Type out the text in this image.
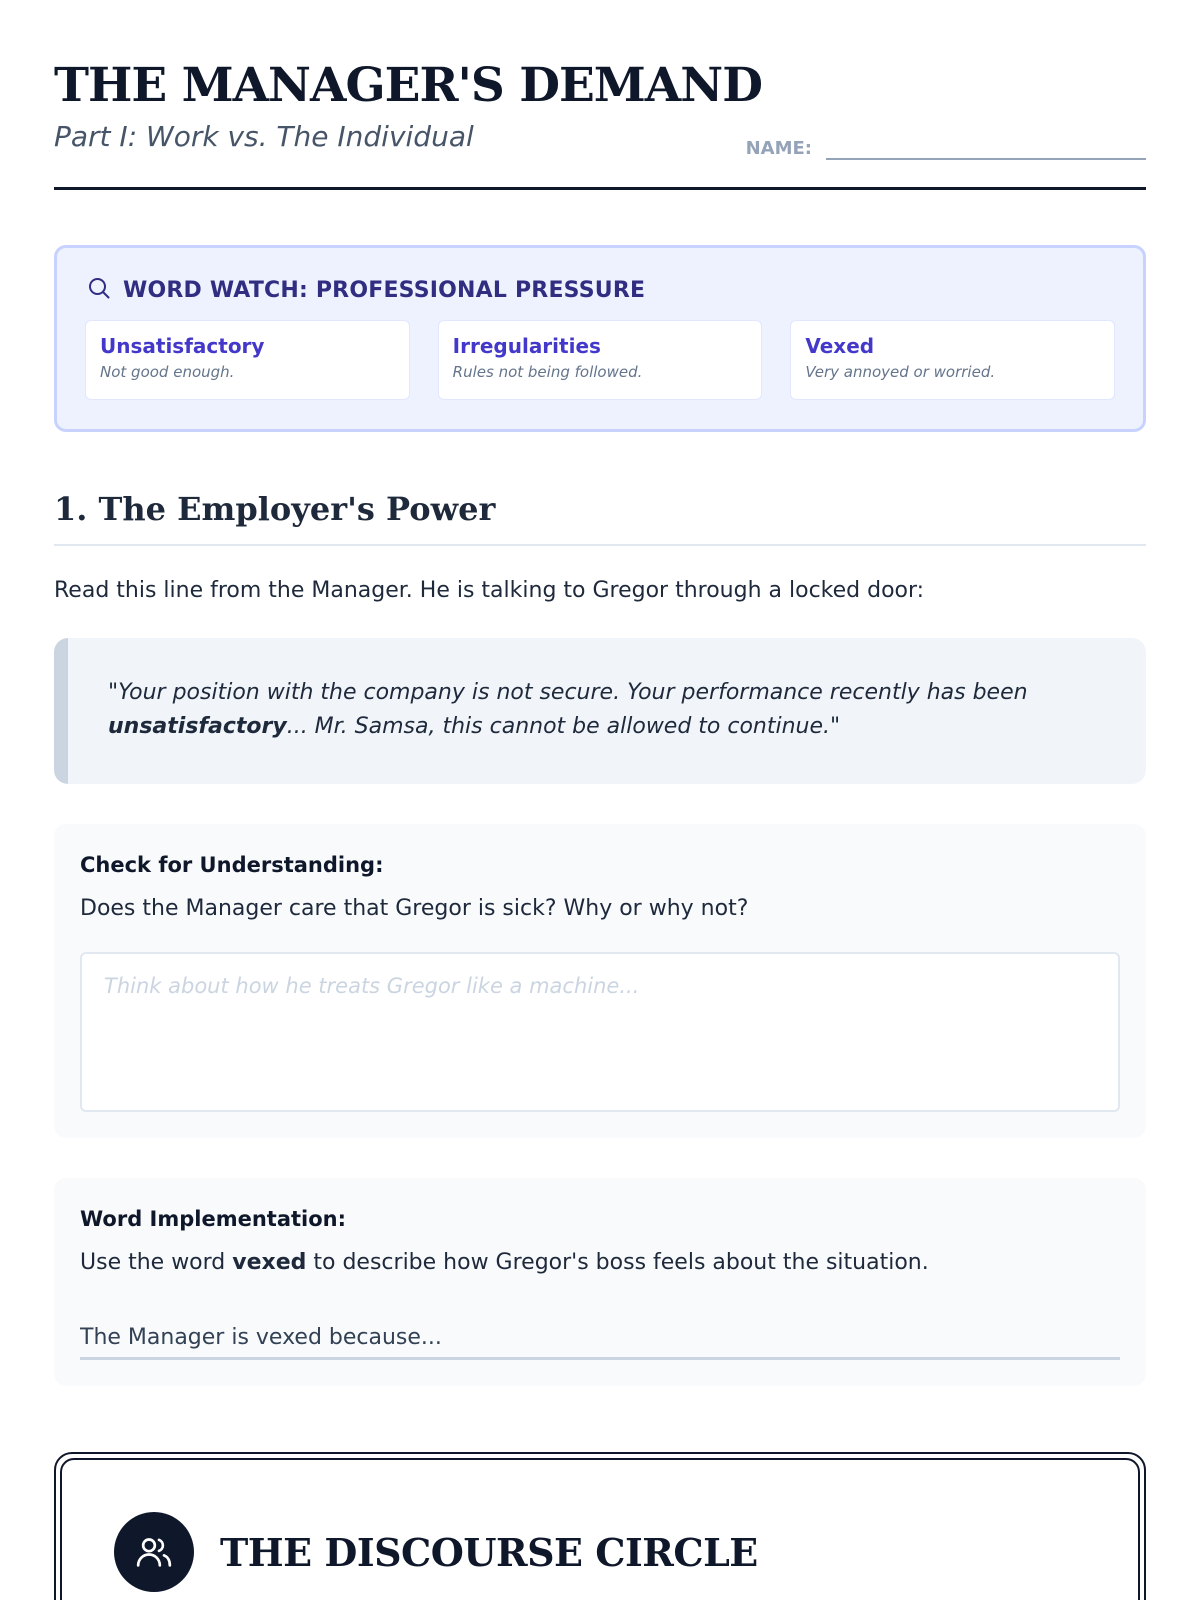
THE MANAGER'S DEMAND
Part I: Work vs. The Individual	NAME:
WORD WATCH: PROFESSIONAL PRESSURE
Unsatisfactory
Not good enough.
Irregularities
Rules not being followed.
Vexed
Very annoyed or worried.
1. The Employer's Power

Read this line from the Manager. He is talking to Gregor through a locked door:

"Your position with the company is not secure. Your performance recently has been unsatisfactory... Mr. Samsa, this cannot be allowed to continue."

Check for Understanding:
Does the Manager care that Gregor is sick? Why or why not?
Think about how he treats Gregor like a machine...
Word Implementation:
Use the word vexed to describe how Gregor's boss feels about the situation.
The Manager is vexed because...
THE DISCOURSE CIRCLE
